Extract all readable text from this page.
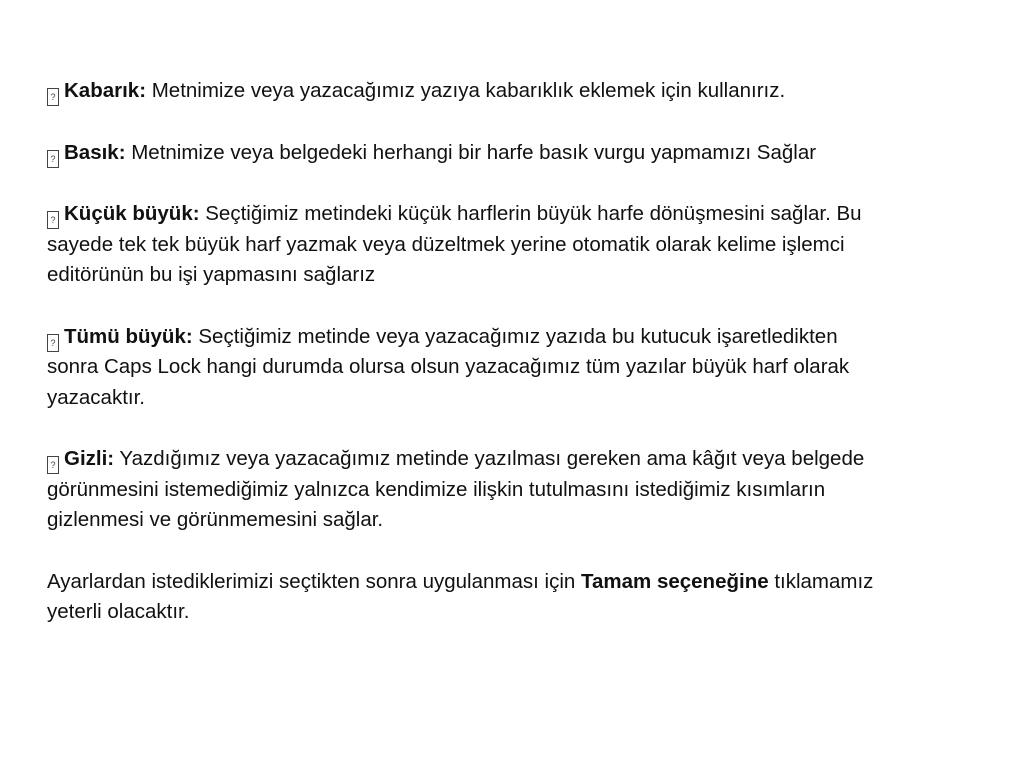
? Kabarık: Metnimize veya yazacağımız yazıya kabarıklık eklemek için kullanırız.

? Basık: Metnimize veya belgedeki herhangi bir harfe basık vurgu yapmamızı Sağlar

? Küçük büyük: Seçtiğimiz metindeki küçük harflerin büyük harfe dönüşmesini sağlar. Bu sayede tek tek büyük harf yazmak veya düzeltmek yerine otomatik olarak kelime işlemci editörünün bu işi yapmasını sağlarız

? Tümü büyük: Seçtiğimiz metinde veya yazacağımız yazıda bu kutucuk işaretledikten sonra Caps Lock hangi durumda olursa olsun yazacağımız tüm yazılar büyük harf olarak yazacaktır.

? Gizli: Yazdığımız veya yazacağımız metinde yazılması gereken ama kâğıt veya belgede görünmesini istemediğimiz yalnızca kendimize ilişkin tutulmasını istediğimiz kısımların gizlenmesi ve görünmemesini sağlar.

Ayarlardan istediklerimizi seçtikten sonra uygulanması için Tamam seçeneğine tıklamamız yeterli olacaktır.
